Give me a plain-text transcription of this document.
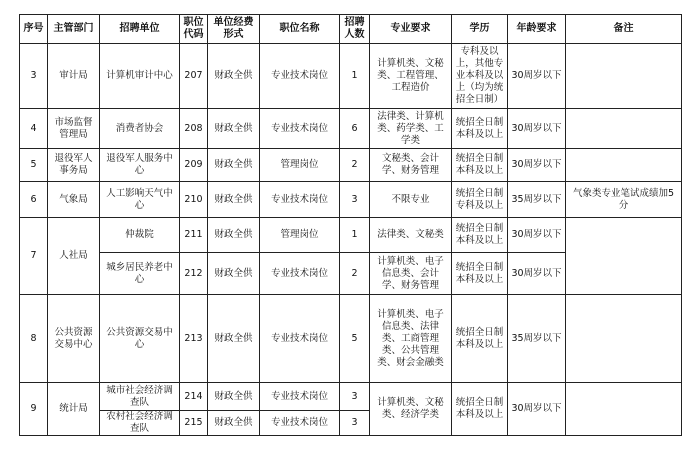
序号	主管部门	招聘单位	职位代码	单位经费形式	职位名称	招聘人数	专业要求	学历	年龄要求	备注
3	审计局	计算机审计中心	207	财政全供	专业技术岗位	1	计算机类、文秘类、工程管理、工程造价	专科及以上，其他专业本科及以上（均为统招全日制）	30周岁以下	
4	市场监督管理局	消费者协会	208	财政全供	专业技术岗位	6	法律类、计算机类、药学类、工学类	统招全日制本科及以上	30周岁以下	
5	退役军人事务局	退役军人服务中心	209	财政全供	管理岗位	2	文秘类、会计学、财务管理	统招全日制本科及以上	30周岁以下	
6	气象局	人工影响天气中心	210	财政全供	专业技术岗位	3	不限专业	统招全日制专科及以上	35周岁以下	气象类专业笔试成绩加5分
7	人社局	仲裁院	211	财政全供	管理岗位	1	法律类、文秘类	统招全日制本科及以上	30周岁以下	
		城乡居民养老中心	212	财政全供	专业技术岗位	2	计算机类、电子信息类、会计学、财务管理	统招全日制本科及以上	30周岁以下	
8	公共资源交易中心	公共资源交易中心	213	财政全供	专业技术岗位	5	计算机类、电子信息类、法律类、工商管理类、公共管理类、财会金融类	统招全日制本科及以上	35周岁以下	
9	统计局	城市社会经济调查队	214	财政全供	专业技术岗位	3	计算机类、文秘类、经济学类	统招全日制本科及以上	30周岁以下	
		农村社会经济调查队	215	财政全供	专业技术岗位	3				
